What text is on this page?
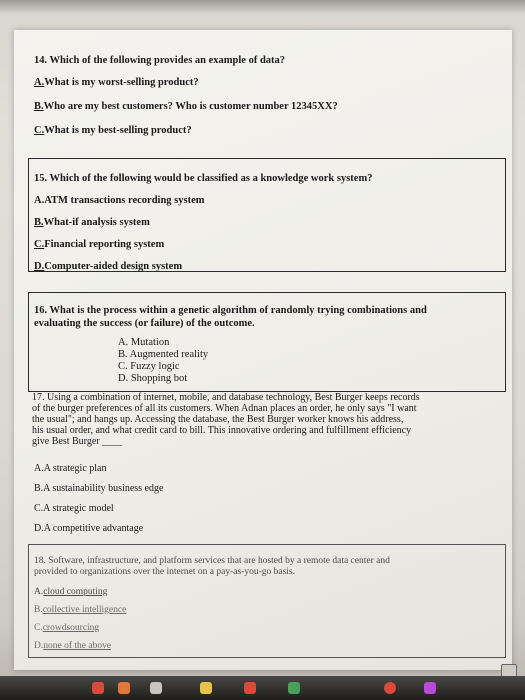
14. Which of the following provides an example of data?
A.What is my worst-selling product?
B.Who are my best customers? Who is customer number 12345XX?
C.What is my best-selling product?
15. Which of the following would be classified as a knowledge work system?
A.ATM transactions recording system
B.What-if analysis system
C.Financial reporting system
D.Computer-aided design system
16. What is the process within a genetic algorithm of randomly trying combinations and
evaluating the success (or failure) of the outcome.
A. Mutation
B. Augmented reality
C. Fuzzy logic
D. Shopping bot
17. Using a combination of internet, mobile, and database technology, Best Burger keeps records
of the burger preferences of all its customers. When Adnan places an order, he only says "I want
the usual"; and hangs up. Accessing the database, the Best Burger worker knows his address,
his usual order, and what credit card to bill. This innovative ordering and fulfillment efficiency
give Best Burger ____
A.A strategic plan
B.A sustainability business edge
C.A strategic model
D.A competitive advantage
18. Software, infrastructure, and platform services that are hosted by a remote data center and
provided to organizations over the internet on a pay-as-you-go basis.
A.cloud computing
B.collective intelligence
C.crowdsourcing
D.none of the above
